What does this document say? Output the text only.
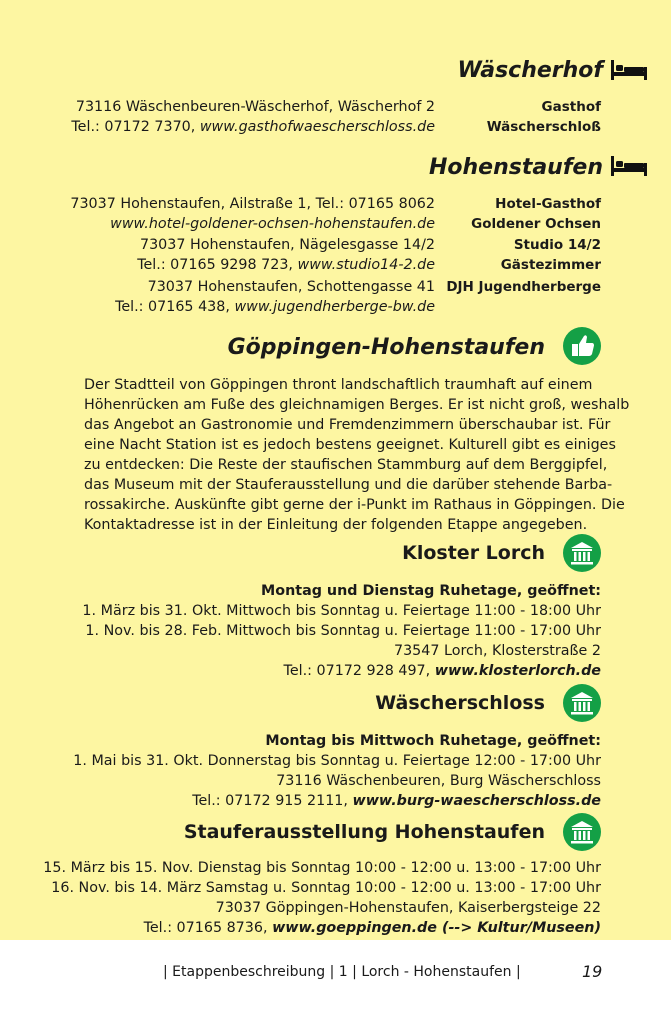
Wäscherhof
73116 Wäschenbeuren-Wäscherhof, Wäscherhof 2
Tel.: 07172 7370, www.gasthofwaescherschloss.de
Gasthof
Wäscherschloß
Hohenstaufen
73037 Hohenstaufen, Ailstraße 1, Tel.: 07165 8062
www.hotel-goldener-ochsen-hohenstaufen.de
Hotel-Gasthof
Goldener Ochsen
73037 Hohenstaufen, Nägelesgasse 14/2
Tel.: 07165 9298 723, www.studio14-2.de
Studio 14/2
Gästezimmer
73037 Hohenstaufen, Schottengasse 41
Tel.: 07165 438, www.jugendherberge-bw.de
DJH Jugendherberge
Göppingen-Hohenstaufen
Der Stadtteil von Göppingen thront landschaftlich traumhaft auf einem
Höhenrücken am Fuße des gleichnamigen Berges. Er ist nicht groß, weshalb
das Angebot an Gastronomie und Fremdenzimmern überschaubar ist. Für
eine Nacht Station ist es jedoch bestens geeignet. Kulturell gibt es einiges
zu entdecken: Die Reste der staufischen Stammburg auf dem Berggipfel,
das Museum mit der Stauferausstellung und die darüber stehende Barba-
rossakirche. Auskünfte gibt gerne der i-Punkt im Rathaus in Göppingen. Die
Kontaktadresse ist in der Einleitung der folgenden Etappe angegeben.
Kloster Lorch
Montag und Dienstag Ruhetage, geöffnet:
1. März bis 31. Okt. Mittwoch bis Sonntag u. Feiertage 11:00 - 18:00 Uhr
1. Nov. bis 28. Feb. Mittwoch bis Sonntag u. Feiertage 11:00 - 17:00 Uhr
73547 Lorch, Klosterstraße 2
Tel.: 07172 928 497, www.klosterlorch.de
Wäscherschloss
Montag bis Mittwoch Ruhetage, geöffnet:
1. Mai bis 31. Okt. Donnerstag bis Sonntag u. Feiertage 12:00 - 17:00 Uhr
73116 Wäschenbeuren, Burg Wäscherschloss
Tel.: 07172 915 2111, www.burg-waescherschloss.de
Stauferausstellung Hohenstaufen
15. März bis 15. Nov. Dienstag bis Sonntag 10:00 - 12:00 u. 13:00 - 17:00 Uhr
16. Nov. bis 14. März Samstag u. Sonntag 10:00 - 12:00 u. 13:00 - 17:00 Uhr
73037 Göppingen-Hohenstaufen, Kaiserbergsteige 22
Tel.: 07165 8736, www.goeppingen.de (--> Kultur/Museen)
| Etappenbeschreibung | 1 | Lorch - Hohenstaufen |	19
